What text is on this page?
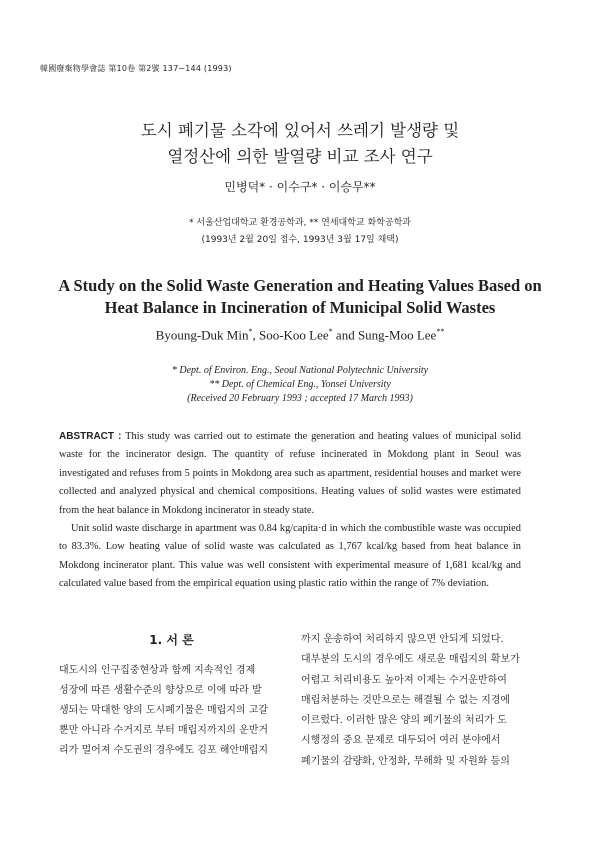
韓國廢棄物學會誌 第10卷 第2號 137~144 (1993)
도시 폐기물 소각에 있어서 쓰레기 발생량 및
열정산에 의한 발열량 비교 조사 연구
민병덕* · 이수구* · 이승무**
* 서울산업대학교 환경공학과, ** 연세대학교 화학공학과
(1993년 2월 20일 접수, 1993년 3월 17일 채택)
A Study on the Solid Waste Generation and Heating Values Based on
Heat Balance in Incineration of Municipal Solid Wastes
Byoung-Duk Min*, Soo-Koo Lee* and Sung-Moo Lee**
* Dept. of Environ. Eng., Seoul National Polytechnic University
** Dept. of Chemical Eng., Yonsei University
(Received 20 February 1993 ; accepted 17 March 1993)

ABSTRACT : This study was carried out to estimate the generation and heating values of municipal solid waste for the incinerator design. The quantity of refuse incinerated in Mokdong plant in Seoul was investigated and refuses from 5 points in Mokdong area such as apartment, residential houses and market were collected and analyzed physical and chemical compositions. Heating values of solid wastes were estimated from the heat balance in Mokdong incinerator in steady state.

Unit solid waste discharge in apartment was 0.84 kg/capita·d in which the combustible waste was occupied to 83.3%. Low heating value of solid waste was calculated as 1,767 kcal/kg based from heat balance in Mokdong incinerator plant. This value was well consistent with experimental measure of 1,681 kcal/kg and calculated value based from the empirical equation using plastic ratio within the range of 7% deviation.

1. 서 론
대도시의 인구집중현상과 함께 지속적인 경제
성장에 따른 생활수준의 향상으로 이에 따라 발
생되는 막대한 양의 도시폐기물은 매립지의 고갈
뿐만 아니라 수거지로 부터 매립지까지의 운반거
리가 멀어져 수도권의 경우에도 김포 해안매립지
까지 운송하여 처리하지 않으면 안되게 되었다.
대부분의 도시의 경우에도 새로운 매립지의 확보가
어렵고 처리비용도 높아져 이제는 수거운반하여
매립처분하는 것만으로는 해결될 수 없는 지경에
이르렀다. 이러한 많은 양의 폐기물의 처리가 도
시행정의 중요 문제로 대두되어 여러 분야에서
폐기물의 감량화, 안정화, 무해화 및 자원화 등의
